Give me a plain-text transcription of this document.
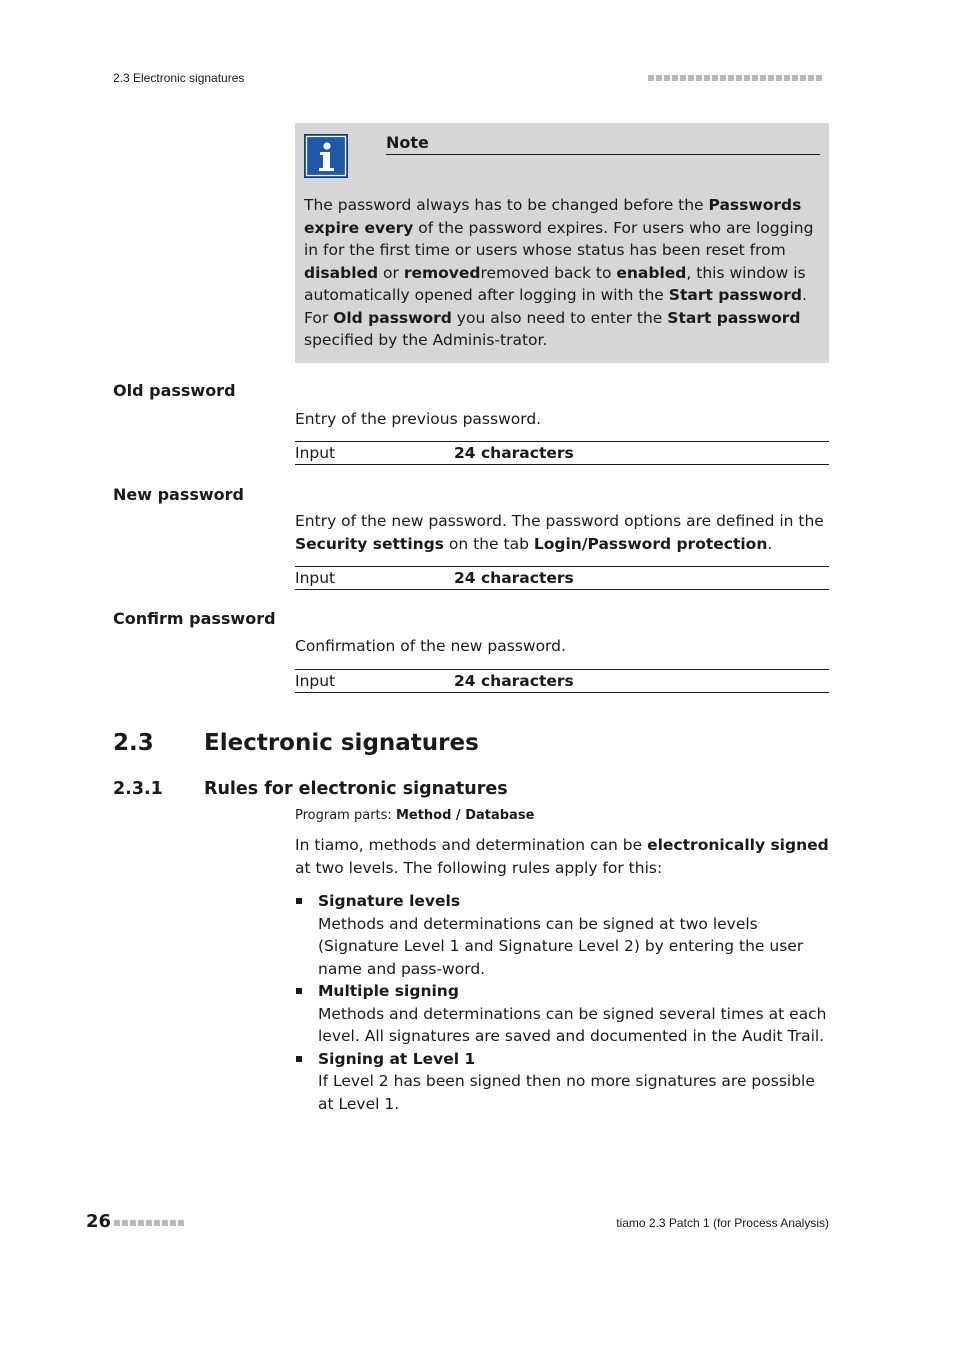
2.3 Electronic signatures
Note
The password always has to be changed before the Passwords expire every of the password expires. For users who are logging in for the first time or users whose status has been reset from disabled or removedremoved back to enabled, this window is automatically opened after logging in with the Start password. For Old password you also need to enter the Start password specified by the Adminis-trator.
Old password
Entry of the previous password.
Input	24 characters
New password
Entry of the new password. The password options are defined in the Security settings on the tab Login/Password protection.
Input	24 characters
Confirm password
Confirmation of the new password.
Input	24 characters
2.3 Electronic signatures
2.3.1 Rules for electronic signatures
Program parts: Method / Database
In tiamo, methods and determination can be electronically signed at two levels. The following rules apply for this:
Signature levels
Methods and determinations can be signed at two levels (Signature Level 1 and Signature Level 2) by entering the user name and pass-word.
Multiple signing
Methods and determinations can be signed several times at each level. All signatures are saved and documented in the Audit Trail.
Signing at Level 1
If Level 2 has been signed then no more signatures are possible at Level 1.
26	tiamo 2.3 Patch 1 (for Process Analysis)
